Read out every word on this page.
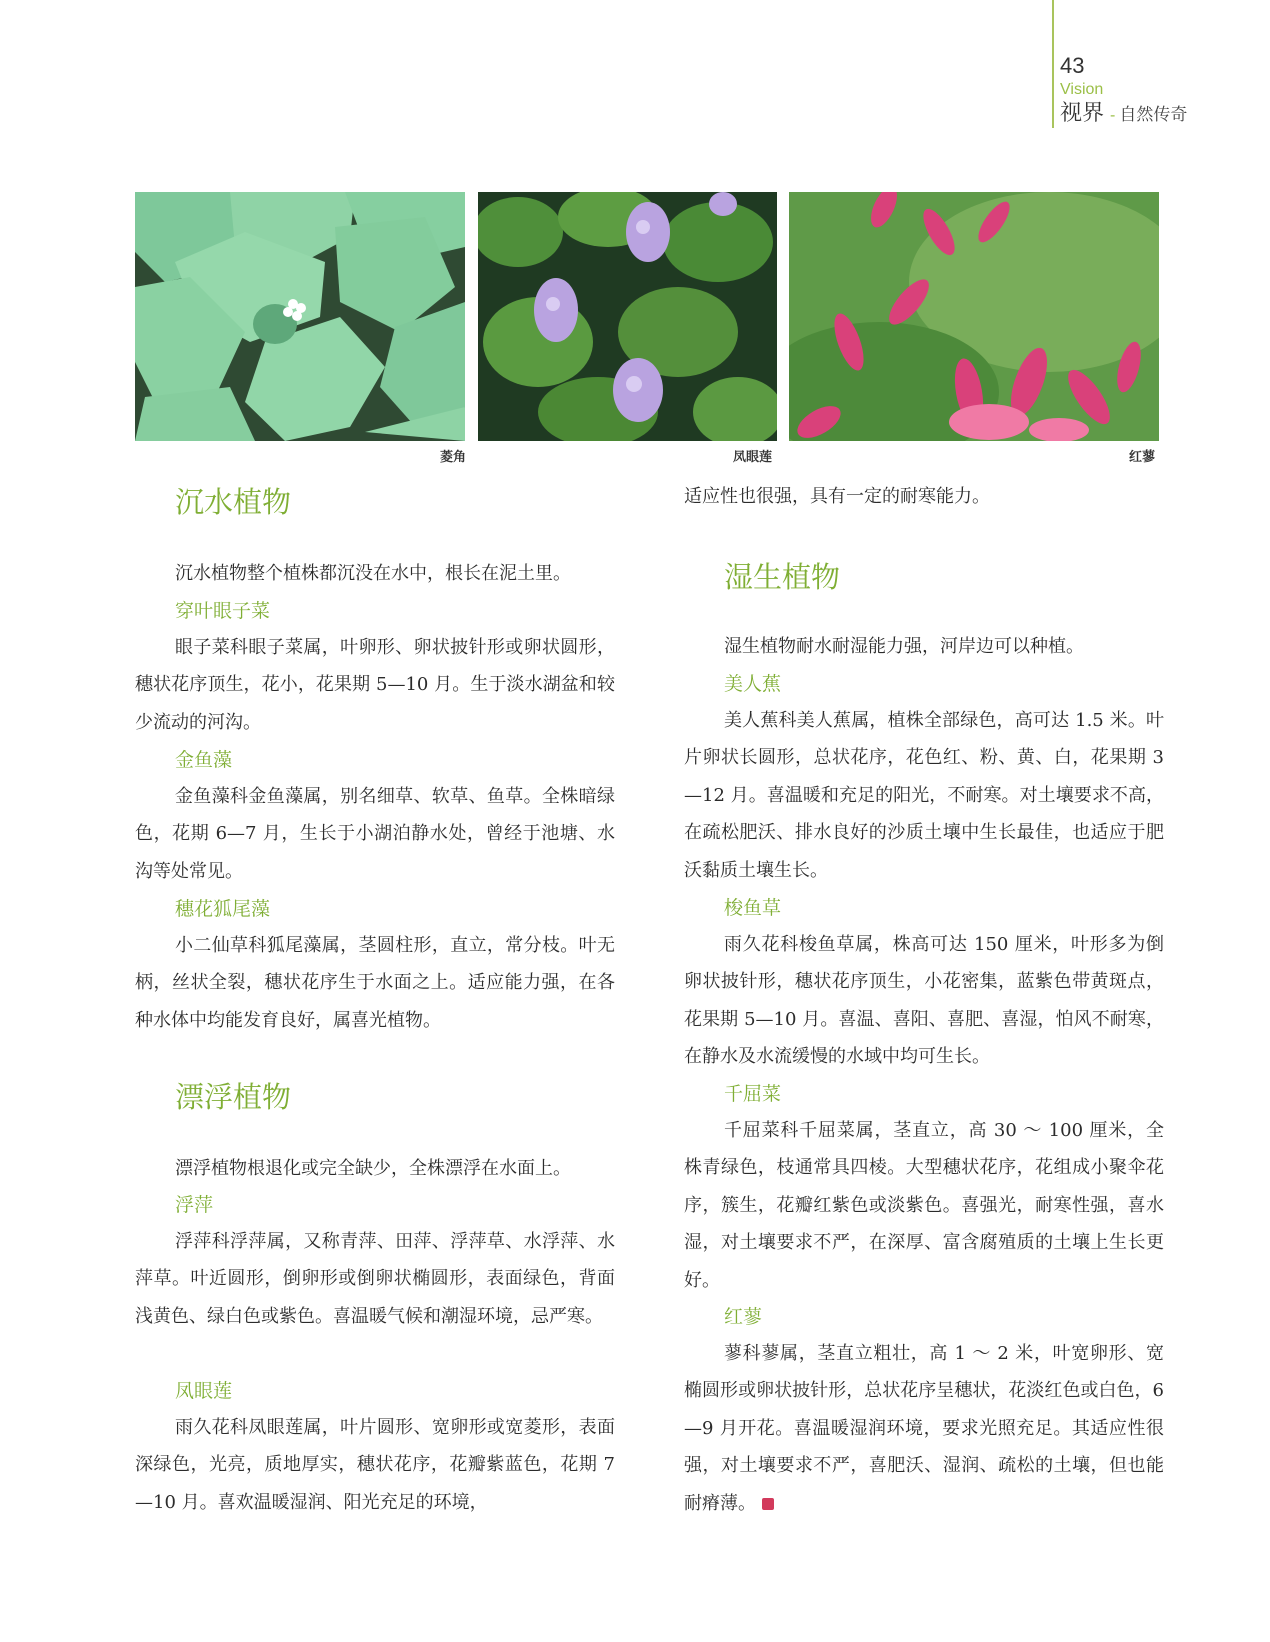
43
Vision
视界 - 自然传奇
菱角	凤眼莲	红蓼
沉水植物

沉水植物整个植株都沉没在水中，根长在泥土里。

穿叶眼子菜

眼子菜科眼子菜属，叶卵形、卵状披针形或卵状圆形，穗状花序顶生，花小，花果期 5—10 月。生于淡水湖盆和较少流动的河沟。

金鱼藻

金鱼藻科金鱼藻属，别名细草、软草、鱼草。全株暗绿色，花期 6—7 月，生长于小湖泊静水处，曾经于池塘、水沟等处常见。

穗花狐尾藻

小二仙草科狐尾藻属，茎圆柱形，直立，常分枝。叶无柄，丝状全裂，穗状花序生于水面之上。适应能力强，在各种水体中均能发育良好，属喜光植物。

漂浮植物

漂浮植物根退化或完全缺少，全株漂浮在水面上。

浮萍

浮萍科浮萍属，又称青萍、田萍、浮萍草、水浮萍、水萍草。叶近圆形，倒卵形或倒卵状椭圆形，表面绿色，背面浅黄色、绿白色或紫色。喜温暖气候和潮湿环境，忌严寒。

凤眼莲

雨久花科凤眼莲属，叶片圆形、宽卵形或宽菱形，表面深绿色，光亮，质地厚实，穗状花序，花瓣紫蓝色，花期 7—10 月。喜欢温暖湿润、阳光充足的环境，

适应性也很强，具有一定的耐寒能力。

湿生植物

湿生植物耐水耐湿能力强，河岸边可以种植。

美人蕉

美人蕉科美人蕉属，植株全部绿色，高可达 1.5 米。叶片卵状长圆形，总状花序，花色红、粉、黄、白，花果期 3—12 月。喜温暖和充足的阳光，不耐寒。对土壤要求不高，在疏松肥沃、排水良好的沙质土壤中生长最佳，也适应于肥沃黏质土壤生长。

梭鱼草

雨久花科梭鱼草属，株高可达 150 厘米，叶形多为倒卵状披针形，穗状花序顶生，小花密集，蓝紫色带黄斑点，花果期 5—10 月。喜温、喜阳、喜肥、喜湿，怕风不耐寒，在静水及水流缓慢的水域中均可生长。

千屈菜

千屈菜科千屈菜属，茎直立，高 30 ～ 100 厘米，全株青绿色，枝通常具四棱。大型穗状花序，花组成小聚伞花序，簇生，花瓣红紫色或淡紫色。喜强光，耐寒性强，喜水湿，对土壤要求不严，在深厚、富含腐殖质的土壤上生长更好。

红蓼

蓼科蓼属，茎直立粗壮，高 1 ～ 2 米，叶宽卵形、宽椭圆形或卵状披针形，总状花序呈穗状，花淡红色或白色，6—9 月开花。喜温暖湿润环境，要求光照充足。其适应性很强，对土壤要求不严，喜肥沃、湿润、疏松的土壤，但也能耐瘠薄。
